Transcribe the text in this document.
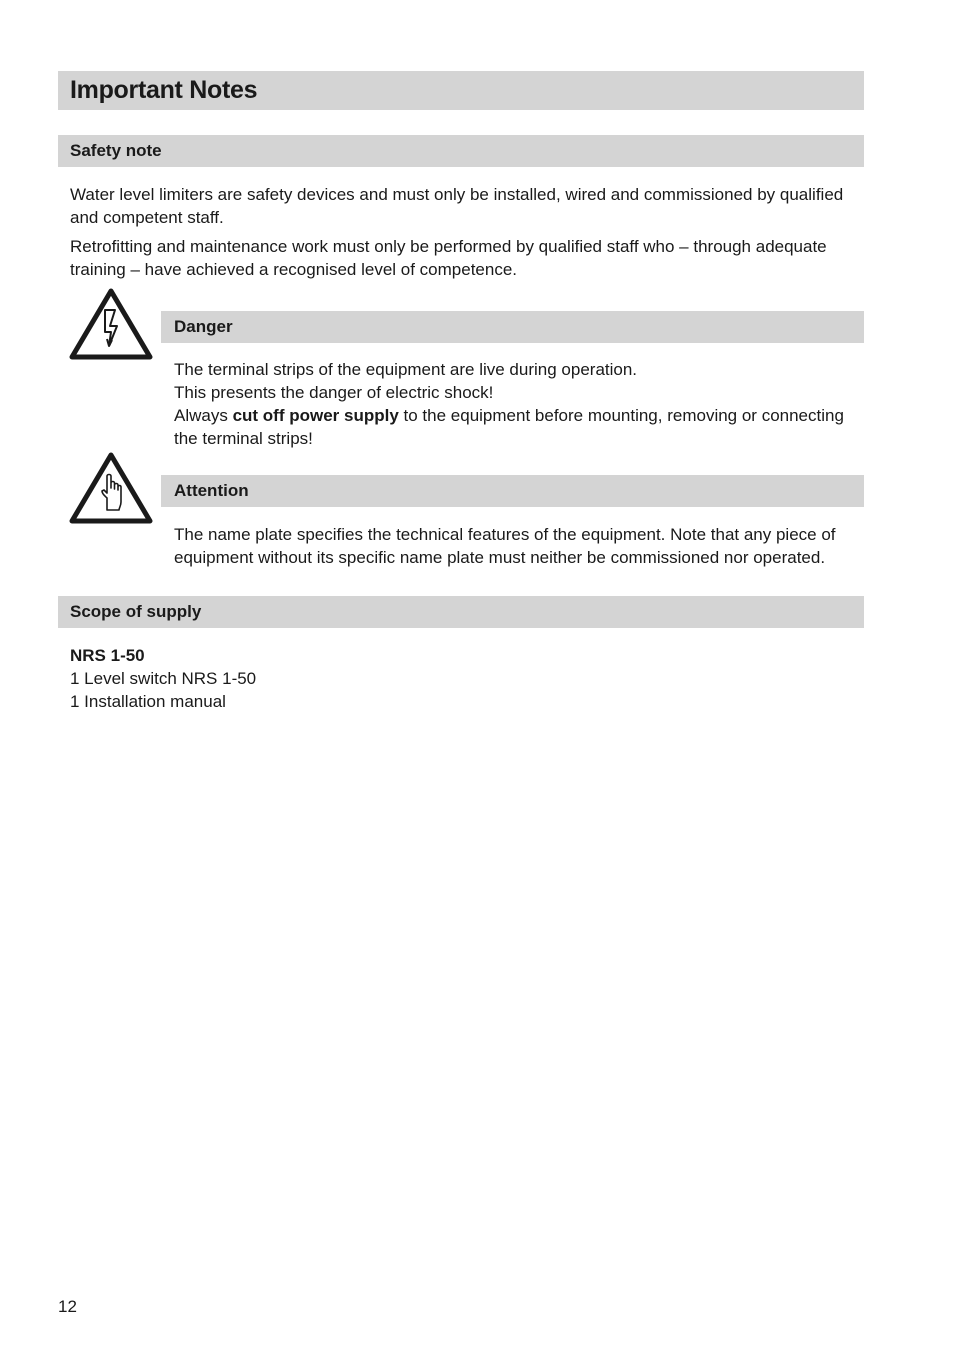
Important Notes
Safety note

Water level limiters are safety devices and must only be installed, wired and commissioned by qualified and competent staff.

Retrofitting and maintenance work must only be performed by qualified staff who – through adequate training – have achieved a recognised level of competence.

Danger
The terminal strips of the equipment are live during operation.
This presents the danger of electric shock!
Always cut off power supply to the equipment before mounting, removing or connecting the terminal strips!
Attention

The name plate specifies the technical features of the equipment. Note that any piece of equipment without its specific name plate must neither be commissioned nor operated.

Scope of supply
NRS 1-50
1 Level switch NRS 1-50
1 Installation manual
12
